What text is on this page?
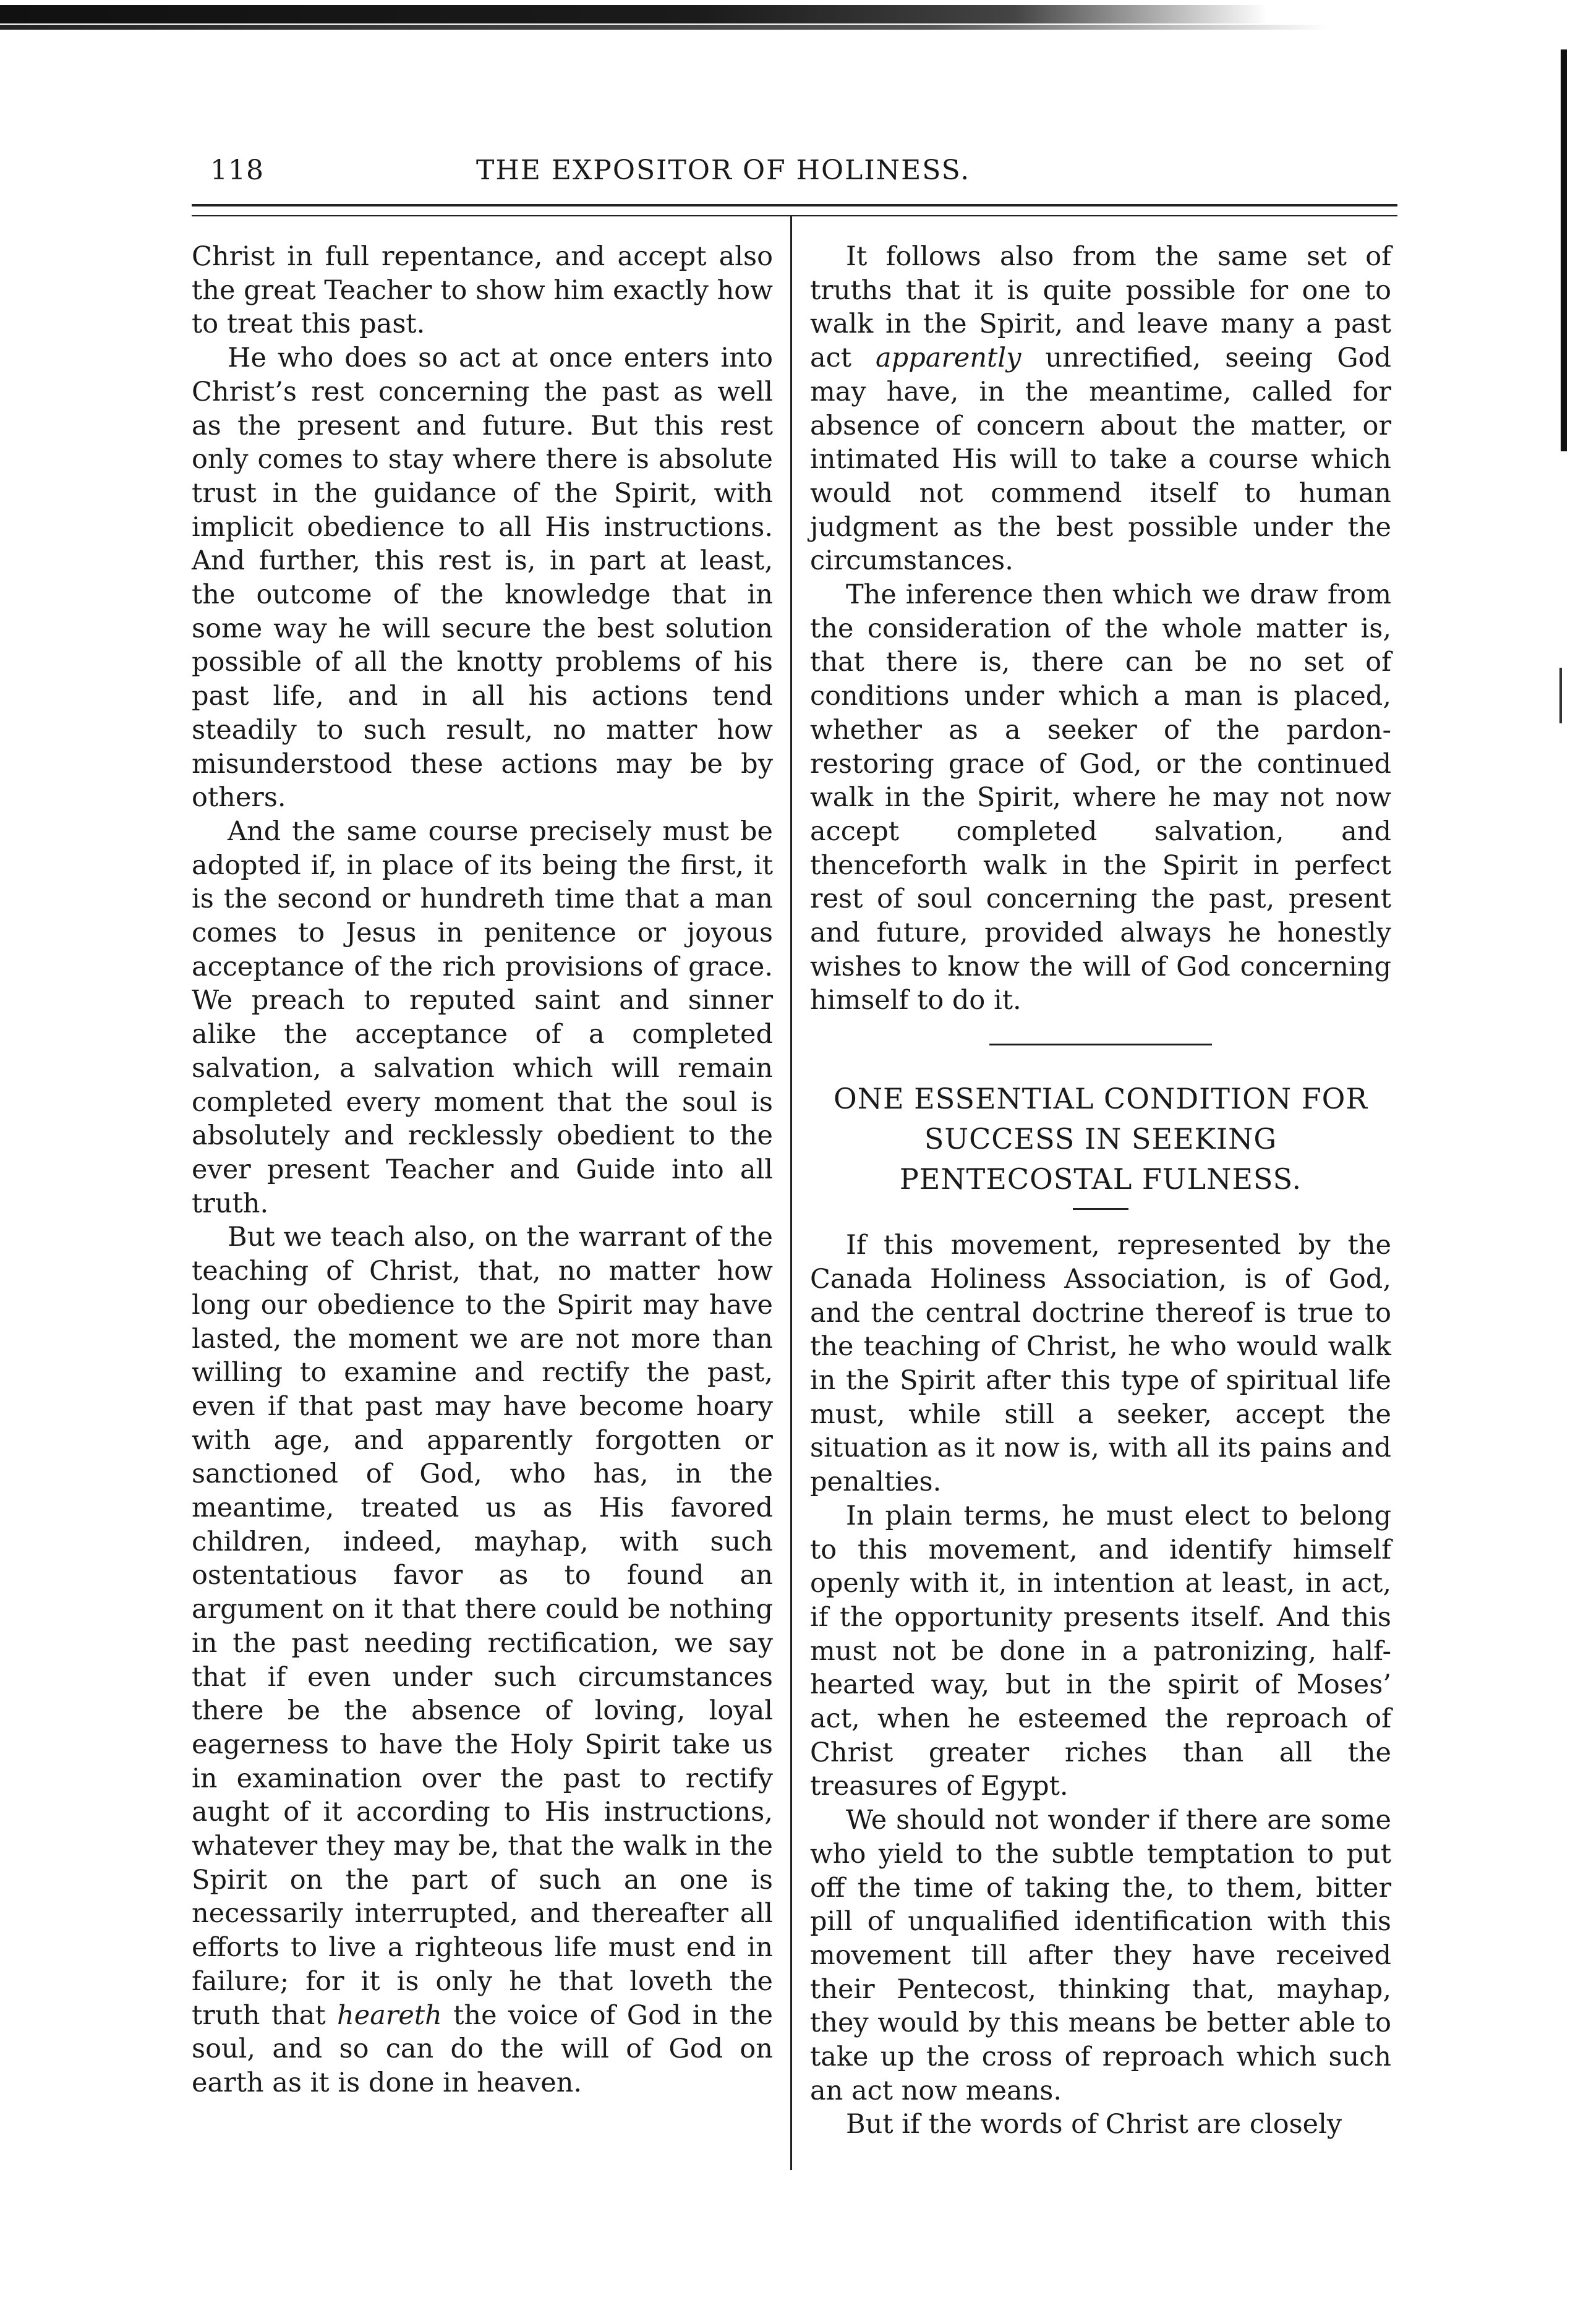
118	THE EXPOSITOR OF HOLINESS.

Christ in full repentance, and accept also the great Teacher to show him exactly how to treat this past.

He who does so act at once enters into Christ’s rest concerning the past as well as the present and future. But this rest only comes to stay where there is absolute trust in the guidance of the Spirit, with implicit obedience to all His instructions. And further, this rest is, in part at least, the outcome of the knowledge that in some way he will secure the best solution possible of all the knotty problems of his past life, and in all his actions tend steadily to such result, no matter how misunderstood these actions may be by others.

And the same course precisely must be adopted if, in place of its being the first, it is the second or hundreth time that a man comes to Jesus in penitence or joyous acceptance of the rich provisions of grace. We preach to reputed saint and sinner alike the acceptance of a completed salvation, a salvation which will remain completed every moment that the soul is absolutely and recklessly obedient to the ever present Teacher and Guide into all truth.

But we teach also, on the warrant of the teaching of Christ, that, no matter how long our obedience to the Spirit may have lasted, the moment we are not more than willing to examine and rectify the past, even if that past may have become hoary with age, and apparently forgotten or sanctioned of God, who has, in the meantime, treated us as His favored children, indeed, mayhap, with such ostentatious favor as to found an argument on it that there could be nothing in the past needing rectification, we say that if even under such circumstances there be the absence of loving, loyal eagerness to have the Holy Spirit take us in examination over the past to rectify aught of it according to His instructions, whatever they may be, that the walk in the Spirit on the part of such an one is necessarily interrupted, and thereafter all efforts to live a righteous life must end in failure; for it is only he that loveth the truth that heareth the voice of God in the soul, and so can do the will of God on earth as it is done in heaven.

It follows also from the same set of truths that it is quite possible for one to walk in the Spirit, and leave many a past act apparently unrectified, seeing God may have, in the meantime, called for absence of concern about the matter, or intimated His will to take a course which would not commend itself to human judgment as the best possible under the circumstances.

The inference then which we draw from the consideration of the whole matter is, that there is, there can be no set of conditions under which a man is placed, whether as a seeker of the pardon-restoring grace of God, or the continued walk in the Spirit, where he may not now accept completed salvation, and thenceforth walk in the Spirit in perfect rest of soul concerning the past, present and future, provided always he honestly wishes to know the will of God concerning himself to do it.

ONE ESSENTIAL CONDITION FOR SUCCESS IN SEEKING PENTECOSTAL FULNESS.

If this movement, represented by the Canada Holiness Association, is of God, and the central doctrine thereof is true to the teaching of Christ, he who would walk in the Spirit after this type of spiritual life must, while still a seeker, accept the situation as it now is, with all its pains and penalties.

In plain terms, he must elect to belong to this movement, and identify himself openly with it, in intention at least, in act, if the opportunity presents itself. And this must not be done in a patronizing, half-hearted way, but in the spirit of Moses’ act, when he esteemed the reproach of Christ greater riches than all the treasures of Egypt.

We should not wonder if there are some who yield to the subtle temptation to put off the time of taking the, to them, bitter pill of unqualified identification with this movement till after they have received their Pentecost, thinking that, mayhap, they would by this means be better able to take up the cross of reproach which such an act now means.

But if the words of Christ are closely
